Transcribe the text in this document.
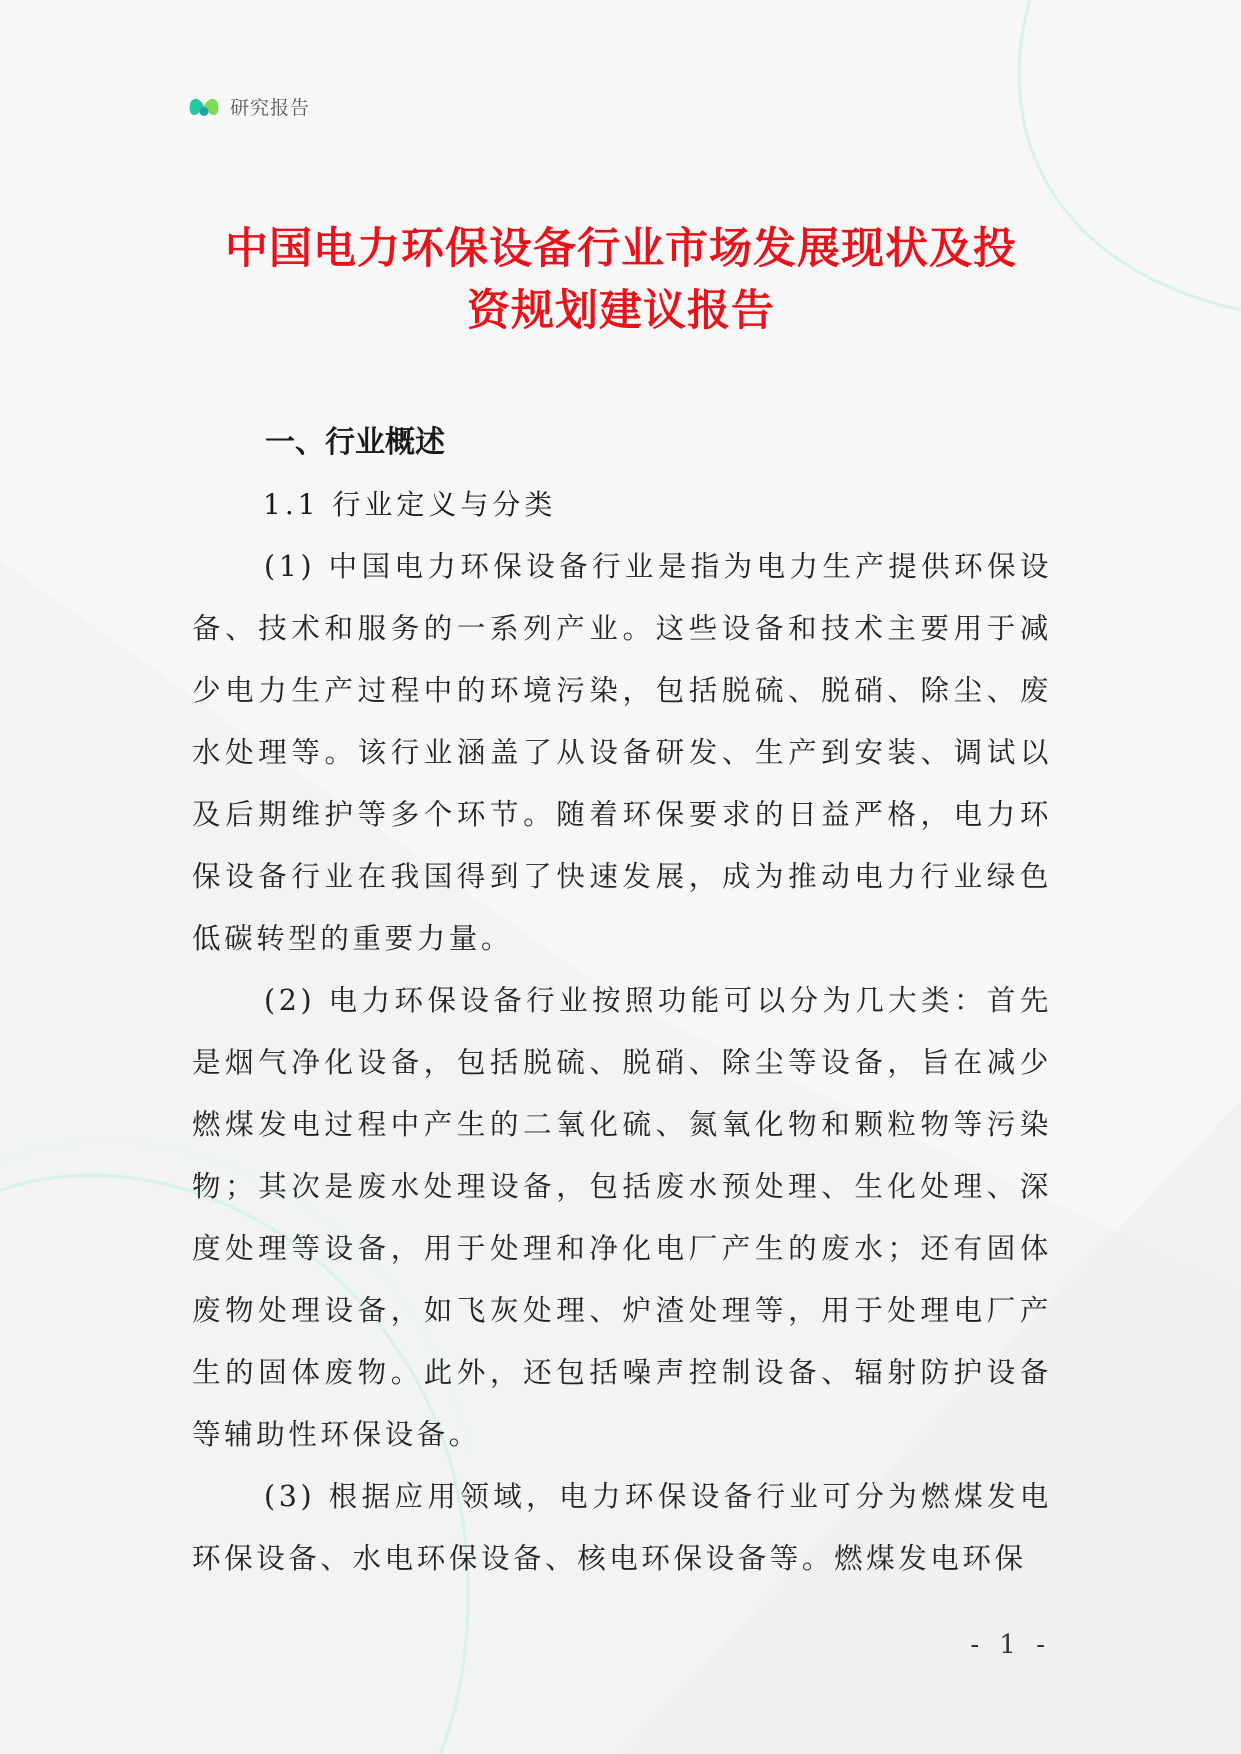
研究报告
中国电力环保设备行业市场发展现状及投
资规划建议报告
一、行业概述
1.1 行业定义与分类

(1) 中国电力环保设备行业是指为电力生产提供环保设备、技术和服务的一系列产业。这些设备和技术主要用于减少电力生产过程中的环境污染，包括脱硫、脱硝、除尘、废水处理等。该行业涵盖了从设备研发、生产到安装、调试以及后期维护等多个环节。随着环保要求的日益严格，电力环保设备行业在我国得到了快速发展，成为推动电力行业绿色低碳转型的重要力量。

(2) 电力环保设备行业按照功能可以分为几大类：首先是烟气净化设备，包括脱硫、脱硝、除尘等设备，旨在减少燃煤发电过程中产生的二氧化硫、氮氧化物和颗粒物等污染物；其次是废水处理设备，包括废水预处理、生化处理、深度处理等设备，用于处理和净化电厂产生的废水；还有固体废物处理设备，如飞灰处理、炉渣处理等，用于处理电厂产生的固体废物。此外，还包括噪声控制设备、辐射防护设备等辅助性环保设备。

(3) 根据应用领域，电力环保设备行业可分为燃煤发电环保设备、水电环保设备、核电环保设备等。燃煤发电环保

- 1 -
